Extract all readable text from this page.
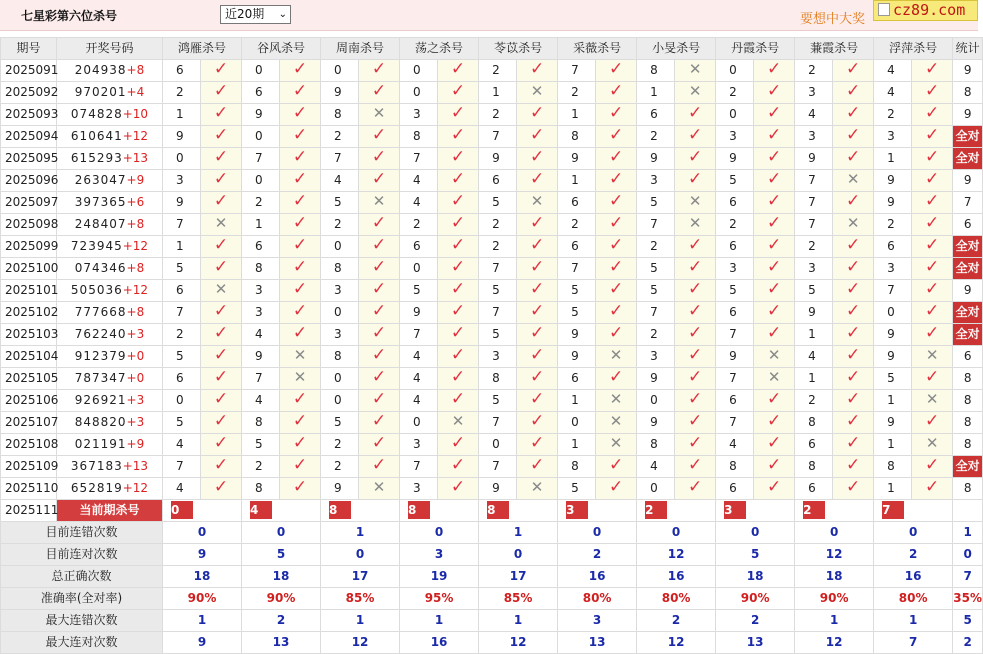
七星彩第六位杀号	近20期 ⌄	要想中大奖
cz89.com
期号	开奖号码	鸿雁杀号		谷风杀号		周南杀号		荡之杀号		苓苡杀号		采薇杀号		小旻杀号		丹霞杀号		蒹霞杀号		浮萍杀号		统计
2025091	204938+8	6	✓	0	✓	0	✓	0	✓	2	✓	7	✓	8	✕	0	✓	2	✓	4	✓	9
2025092	970201+4	2	✓	6	✓	9	✓	0	✓	1	✕	2	✓	1	✕	2	✓	3	✓	4	✓	8
2025093	074828+10	1	✓	9	✓	8	✕	3	✓	2	✓	1	✓	6	✓	0	✓	4	✓	2	✓	9
2025094	610641+12	9	✓	0	✓	2	✓	8	✓	7	✓	8	✓	2	✓	3	✓	3	✓	3	✓	全对
2025095	615293+13	0	✓	7	✓	7	✓	7	✓	9	✓	9	✓	9	✓	9	✓	9	✓	1	✓	全对
2025096	263047+9	3	✓	0	✓	4	✓	4	✓	6	✓	1	✓	3	✓	5	✓	7	✕	9	✓	9
2025097	397365+6	9	✓	2	✓	5	✕	4	✓	5	✕	6	✓	5	✕	6	✓	7	✓	9	✓	7
2025098	248407+8	7	✕	1	✓	2	✓	2	✓	2	✓	2	✓	7	✕	2	✓	7	✕	2	✓	6
2025099	723945+12	1	✓	6	✓	0	✓	6	✓	2	✓	6	✓	2	✓	6	✓	2	✓	6	✓	全对
2025100	074346+8	5	✓	8	✓	8	✓	0	✓	7	✓	7	✓	5	✓	3	✓	3	✓	3	✓	全对
2025101	505036+12	6	✕	3	✓	3	✓	5	✓	5	✓	5	✓	5	✓	5	✓	5	✓	7	✓	9
2025102	777668+8	7	✓	3	✓	0	✓	9	✓	7	✓	5	✓	7	✓	6	✓	9	✓	0	✓	全对
2025103	762240+3	2	✓	4	✓	3	✓	7	✓	5	✓	9	✓	2	✓	7	✓	1	✓	9	✓	全对
2025104	912379+0	5	✓	9	✕	8	✓	4	✓	3	✓	9	✕	3	✓	9	✕	4	✓	9	✕	6
2025105	787347+0	6	✓	7	✕	0	✓	4	✓	8	✓	6	✓	9	✓	7	✕	1	✓	5	✓	8
2025106	926921+3	0	✓	4	✓	0	✓	4	✓	5	✓	1	✕	0	✓	6	✓	2	✓	1	✕	8
2025107	848820+3	5	✓	8	✓	5	✓	0	✕	7	✓	0	✕	9	✓	7	✓	8	✓	9	✓	8
2025108	021191+9	4	✓	5	✓	2	✓	3	✓	0	✓	1	✕	8	✓	4	✓	6	✓	1	✕	8
2025109	367183+13	7	✓	2	✓	2	✓	7	✓	7	✓	8	✓	4	✓	8	✓	8	✓	8	✓	全对
2025110	652819+12	4	✓	8	✓	9	✕	3	✓	9	✕	5	✓	0	✓	6	✓	6	✓	1	✓	8
2025111	当前期杀号	0		4		8		8		8		3		2		3		2		7		
目前连错次数		0		0		1		0		1		0		0		0		0		0		1
目前连对次数		9		5		0		3		0		2		12		5		12		2		0
总正确次数		18		18		17		19		17		16		16		18		18		16		7
准确率(全对率)		90%		90%		85%		95%		85%		80%		80%		90%		90%		80%		35%
最大连错次数		1		2		1		1		1		3		2		2		1		1		5
最大连对次数		9		13		12		16		12		13		12		13		12		7		2
